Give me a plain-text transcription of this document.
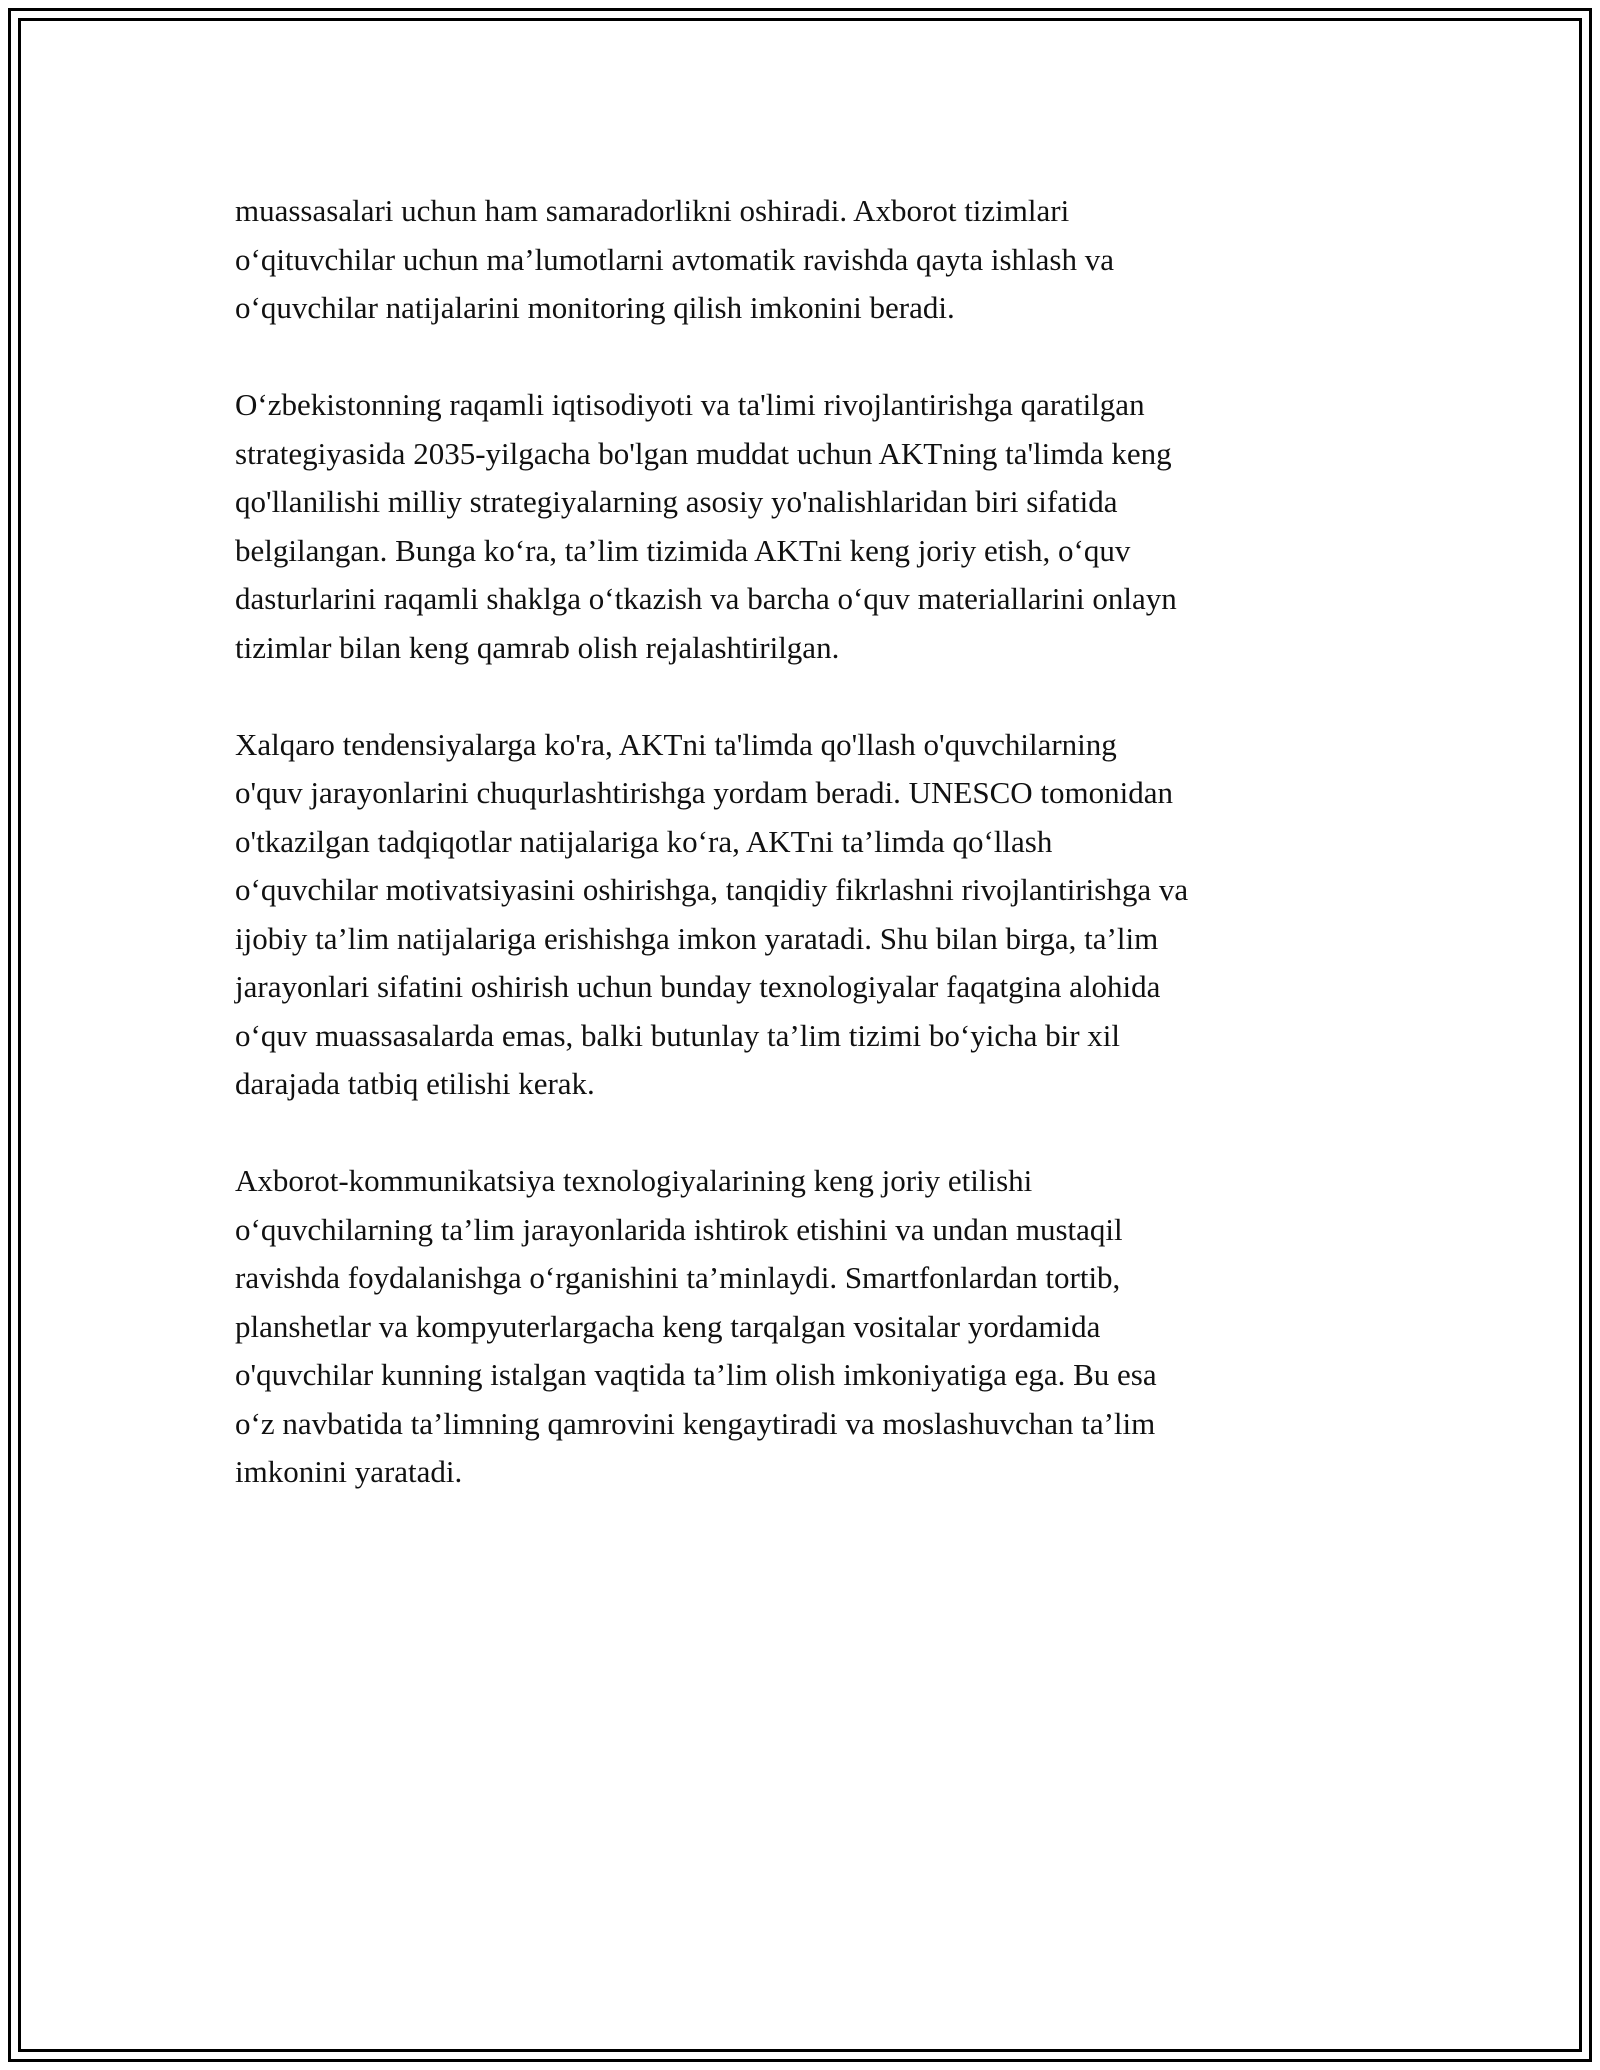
muassasalari uchun ham samaradorlikni oshiradi. Axborot tizimlari
o‘qituvchilar uchun ma’lumotlarni avtomatik ravishda qayta ishlash va
o‘quvchilar natijalarini monitoring qilish imkonini beradi.

O‘zbekistonning raqamli iqtisodiyoti va ta'limi rivojlantirishga qaratilgan
strategiyasida 2035-yilgacha bo'lgan muddat uchun AKTning ta'limda keng
qo'llanilishi milliy strategiyalarning asosiy yo'nalishlaridan biri sifatida
belgilangan. Bunga ko‘ra, ta’lim tizimida AKTni keng joriy etish, o‘quv
dasturlarini raqamli shaklga o‘tkazish va barcha o‘quv materiallarini onlayn
tizimlar bilan keng qamrab olish rejalashtirilgan.

Xalqaro tendensiyalarga ko'ra, AKTni ta'limda qo'llash o'quvchilarning
o'quv jarayonlarini chuqurlashtirishga yordam beradi. UNESCO tomonidan
o'tkazilgan tadqiqotlar natijalariga ko‘ra, AKTni ta’limda qo‘llash
o‘quvchilar motivatsiyasini oshirishga, tanqidiy fikrlashni rivojlantirishga va
ijobiy ta’lim natijalariga erishishga imkon yaratadi. Shu bilan birga, ta’lim
jarayonlari sifatini oshirish uchun bunday texnologiyalar faqatgina alohida
o‘quv muassasalarda emas, balki butunlay ta’lim tizimi bo‘yicha bir xil
darajada tatbiq etilishi kerak.

Axborot-kommunikatsiya texnologiyalarining keng joriy etilishi
o‘quvchilarning ta’lim jarayonlarida ishtirok etishini va undan mustaqil
ravishda foydalanishga o‘rganishini ta’minlaydi. Smartfonlardan tortib,
planshetlar va kompyuterlargacha keng tarqalgan vositalar yordamida
o'quvchilar kunning istalgan vaqtida ta’lim olish imkoniyatiga ega. Bu esa
o‘z navbatida ta’limning qamrovini kengaytiradi va moslashuvchan ta’lim
imkonini yaratadi.
